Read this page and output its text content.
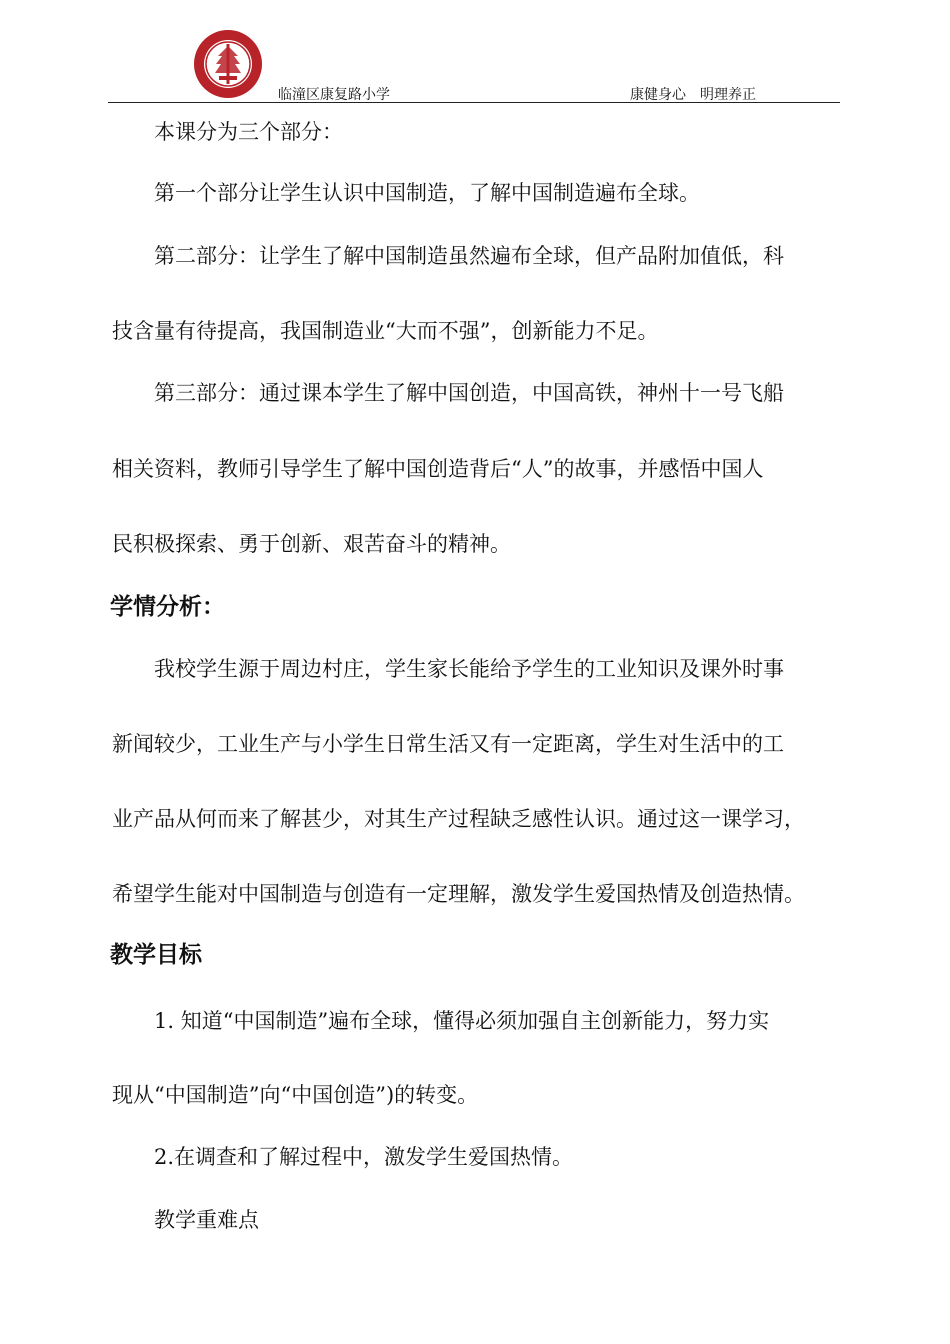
临潼区康复路小学	康健身心　明理养正
本课分为三个部分：
第一个部分让学生认识中国制造，了解中国制造遍布全球。
第二部分：让学生了解中国制造虽然遍布全球，但产品附加值低，科
技含量有待提高，我国制造业“大而不强”，创新能力不足。
第三部分：通过课本学生了解中国创造，中国高铁，神州十一号飞船
相关资料，教师引导学生了解中国创造背后“人”的故事，并感悟中国人
民积极探索、勇于创新、艰苦奋斗的精神。
学情分析：
我校学生源于周边村庄，学生家长能给予学生的工业知识及课外时事
新闻较少，工业生产与小学生日常生活又有一定距离，学生对生活中的工
业产品从何而来了解甚少，对其生产过程缺乏感性认识。通过这一课学习，
希望学生能对中国制造与创造有一定理解，激发学生爱国热情及创造热情。
教学目标
1. 知道“中国制造”遍布全球，懂得必须加强自主创新能力，努力实
现从“中国制造”向“中国创造”)的转变。
2.在调查和了解过程中，激发学生爱国热情。
教学重难点
